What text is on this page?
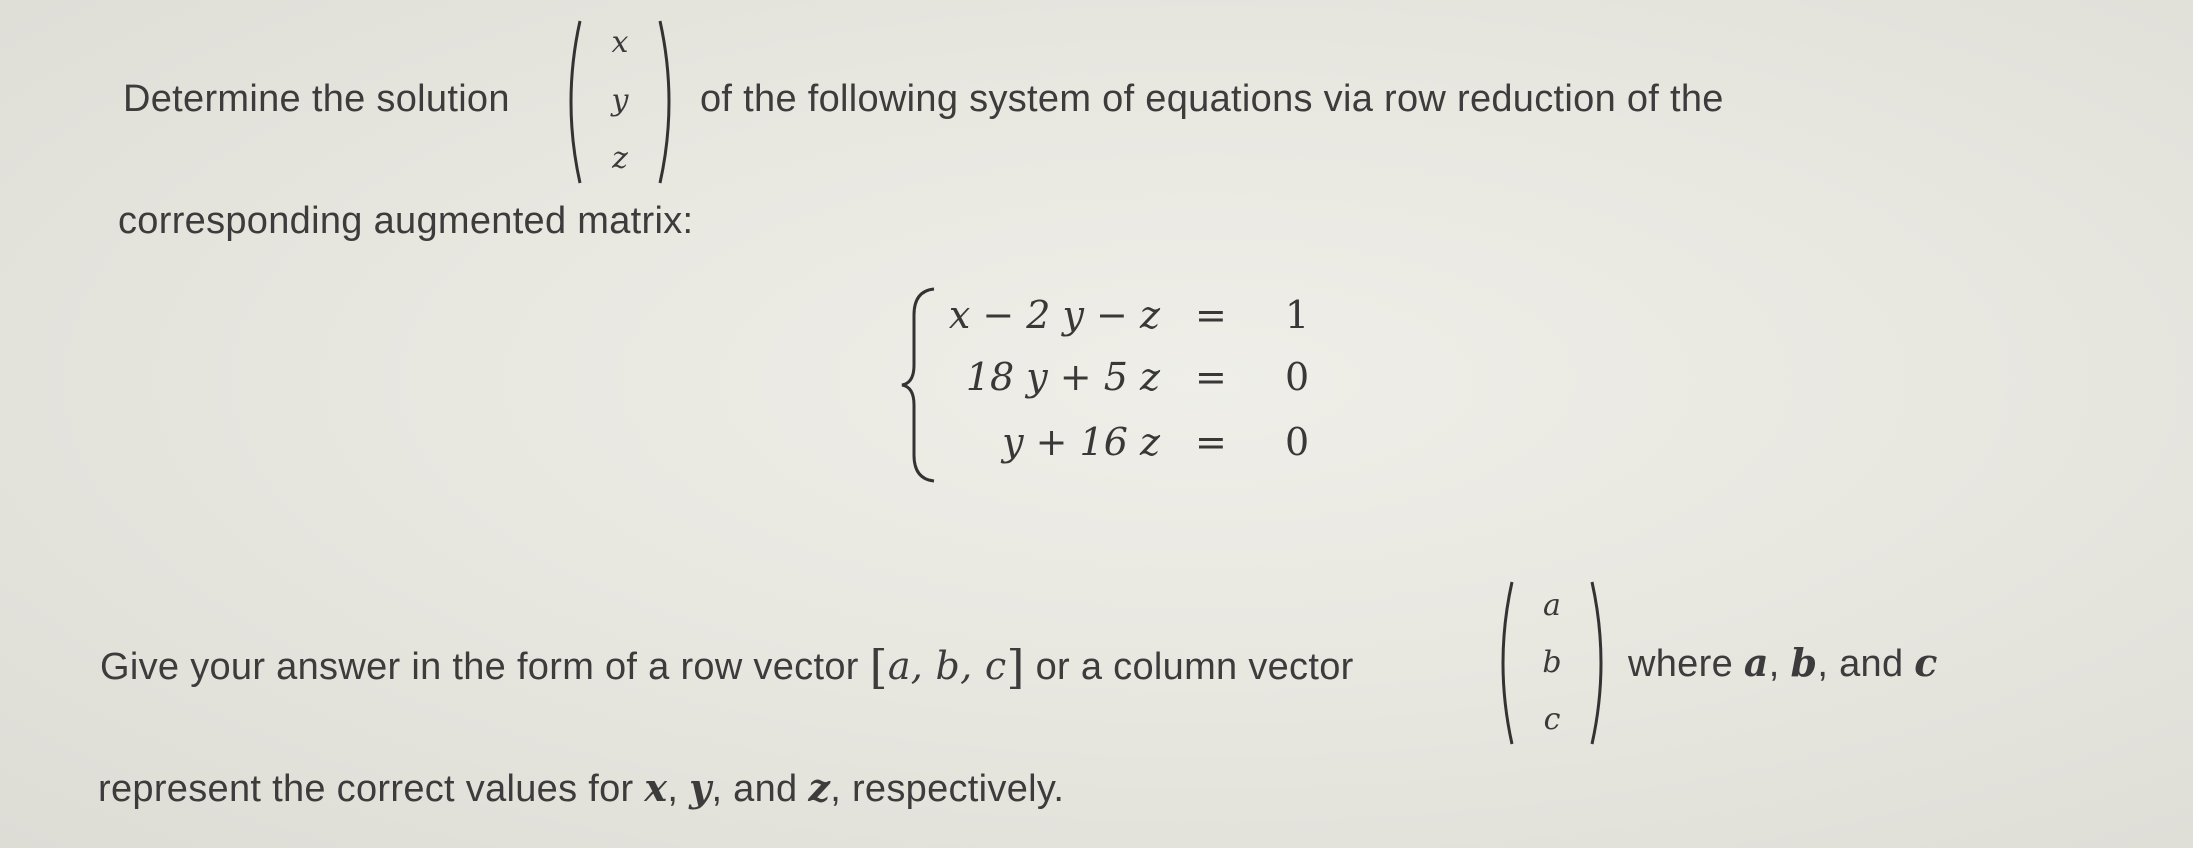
Determine the solution
x
y
z
of the following system of equations via row reduction of the
corresponding augmented matrix:
x − 2 y − z = 1
18 y + 5 z = 0
y + 16 z = 0
Give your answer in the form of a row vector [a, b, c] or a column vector
a
b
c
where a, b, and c
represent the correct values for x, y, and z, respectively.
